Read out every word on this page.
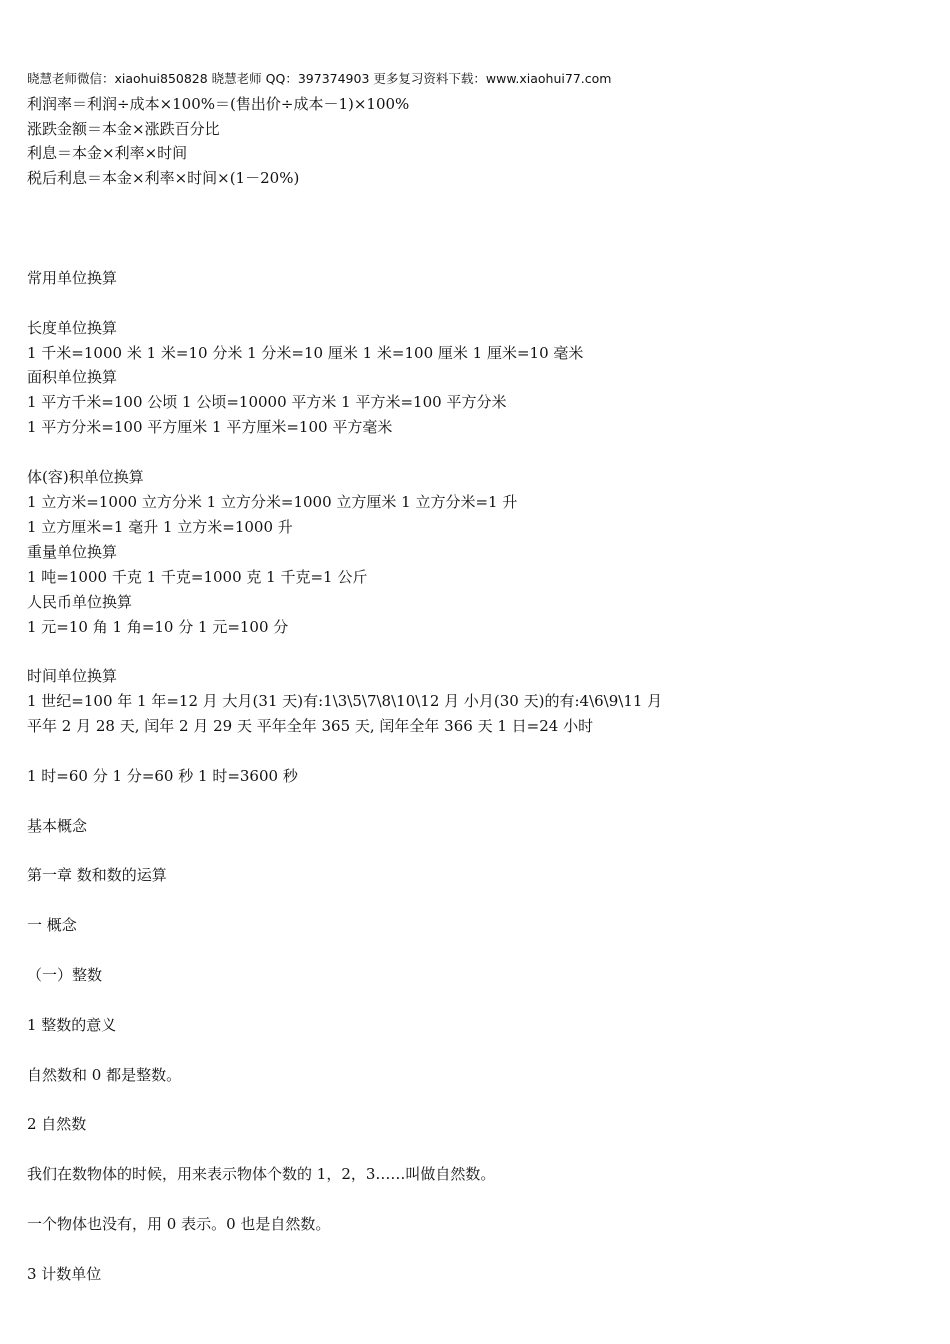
晓慧老师微信：xiaohui850828 晓慧老师 QQ：397374903 更多复习资料下载：www.xiaohui77.com
利润率＝利润÷成本×100%＝(售出价÷成本－1)×100%
涨跌金额＝本金×涨跌百分比
利息＝本金×利率×时间
税后利息＝本金×利率×时间×(1－20%)
常用单位换算
长度单位换算
1 千米=1000 米 1 米=10 分米 1 分米=10 厘米 1 米=100 厘米 1 厘米=10 毫米
面积单位换算
1 平方千米=100 公顷 1 公顷=10000 平方米 1 平方米=100 平方分米
1 平方分米=100 平方厘米 1 平方厘米=100 平方毫米
体(容)积单位换算
1 立方米=1000 立方分米 1 立方分米=1000 立方厘米 1 立方分米=1 升
1 立方厘米=1 毫升 1 立方米=1000 升
重量单位换算
1 吨=1000 千克 1 千克=1000 克 1 千克=1 公斤
人民币单位换算
1 元=10 角 1 角=10 分 1 元=100 分
时间单位换算
1 世纪=100 年 1 年=12 月 大月(31 天)有:1\3\5\7\8\10\12 月 小月(30 天)的有:4\6\9\11 月
平年 2 月 28 天, 闰年 2 月 29 天 平年全年 365 天, 闰年全年 366 天 1 日=24 小时
1 时=60 分 1 分=60 秒 1 时=3600 秒
基本概念
第一章 数和数的运算
一 概念
（一）整数
1 整数的意义
自然数和 0 都是整数。
2 自然数
我们在数物体的时候，用来表示物体个数的 1，2，3……叫做自然数。
一个物体也没有，用 0 表示。0 也是自然数。
3 计数单位
